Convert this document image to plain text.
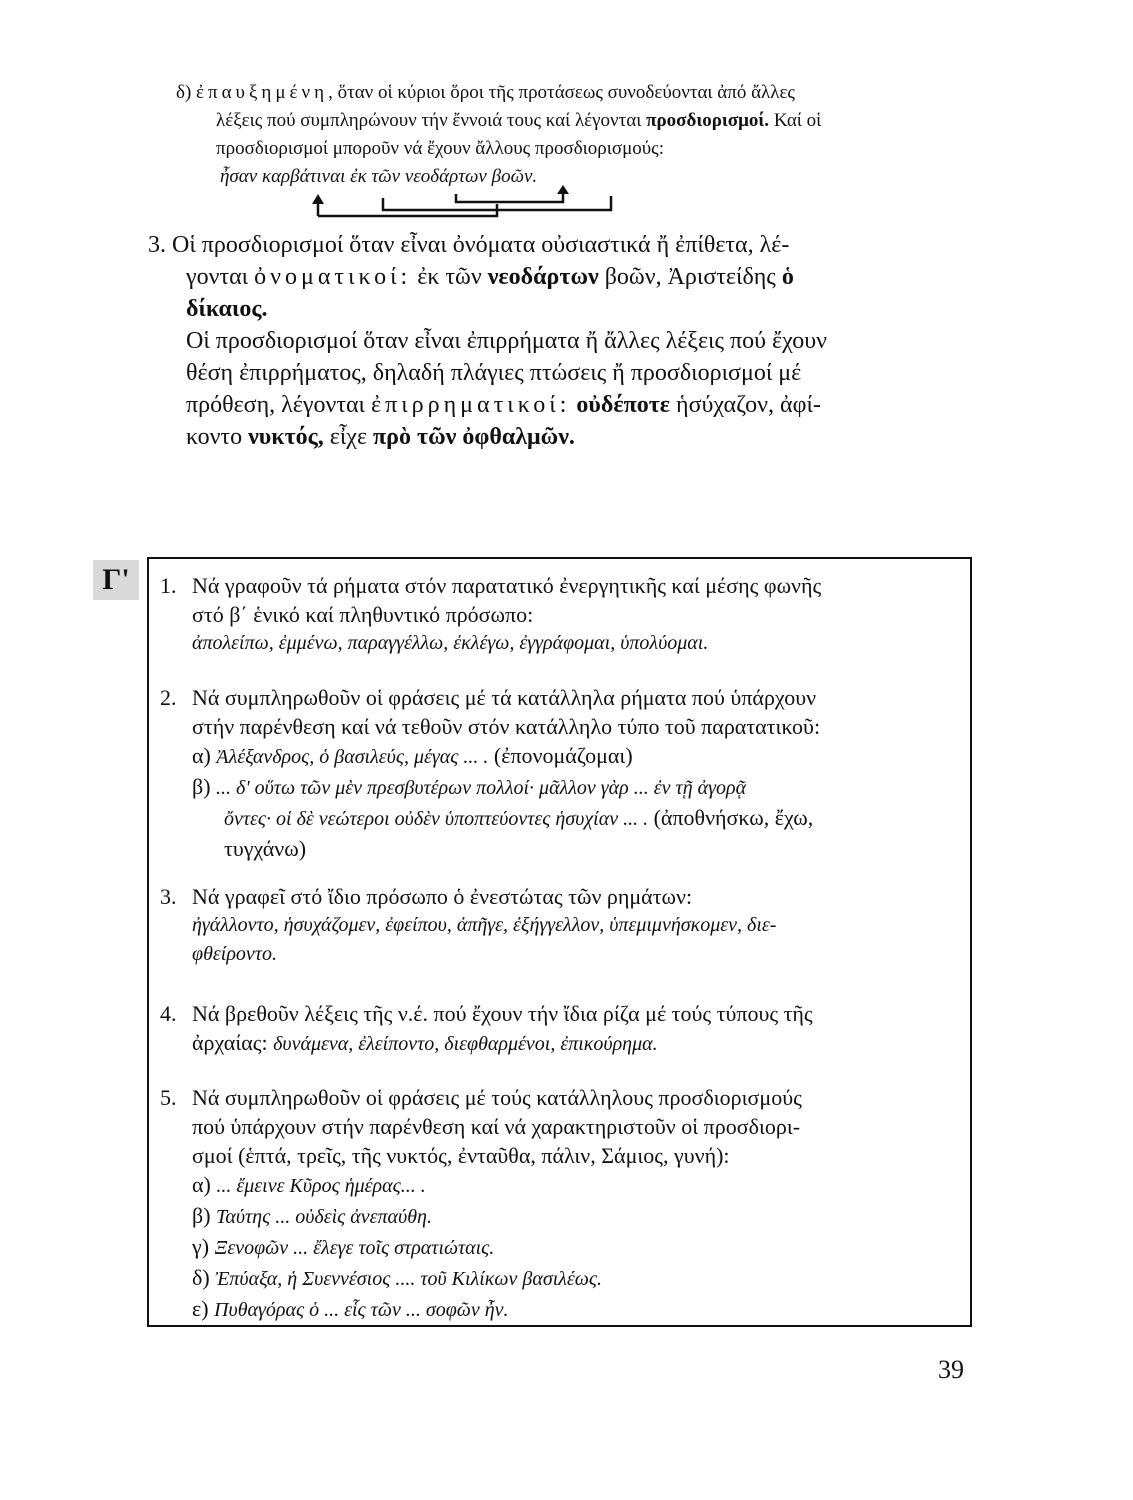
δ) ἐπαυξημένη, ὅταν οἱ κύριοι ὅροι τῆς προτάσεως συνοδεύονται ἀπό ἄλλες

λέξεις πού συμπληρώνουν τήν ἔννοιά τους καί λέγονται προσδιορισμοί. Καί οἱ

προσδιορισμοί μποροῦν νά ἔχουν ἄλλους προσδιορισμούς:

ἦσαν καρβάτιναι ἐκ τῶν νεοδάρτων βοῶν.

3. Οἱ προσδιορισμοί ὅταν εἶναι ὀνόματα οὐσιαστικά ἤ ἐπίθετα, λέ-

γονται ὀνοματικοί: ἐκ τῶν νεοδάρτων βοῶν, Ἀριστείδης ὁ

δίκαιος.

Οἱ προσδιορισμοί ὅταν εἶναι ἐπιρρήματα ἤ ἄλλες λέξεις πού ἔχουν

θέση ἐπιρρήματος, δηλαδή πλάγιες πτώσεις ἤ προσδιορισμοί μέ

πρόθεση, λέγονται ἐπιρρηματικοί: οὐδέποτε ἡσύχαζον, ἀφί-

κοντο νυκτός, εἶχε πρὸ τῶν ὀφθαλμῶν.

Γ'	1. Νά γραφοῦν τά ρήματα στόν παρατατικό ἐνεργητικῆς καί μέσης φωνῆς

στό β΄ ἑνικό καί πληθυντικό πρόσωπο:

ἀπολείπω, ἐμμένω, παραγγέλλω, ἐκλέγω, ἐγγράφομαι, ὑπολύομαι.

2. Νά συμπληρωθοῦν οἱ φράσεις μέ τά κατάλληλα ρήματα πού ὑπάρχουν

στήν παρένθεση καί νά τεθοῦν στόν κατάλληλο τύπο τοῦ παρατατικοῦ:

α) Ἀλέξανδρος, ὁ βασιλεύς, μέγας ... . (ἐπονομάζομαι)

β) ... δ' οὕτω τῶν μὲν πρεσβυτέρων πολλοί· μᾶλλον γὰρ ... ἐν τῇ ἀγορᾷ

ὄντες· οἱ δὲ νεώτεροι οὐδὲν ὑποπτεύοντες ἡσυχίαν ... . (ἀποθνήσκω, ἔχω,

τυγχάνω)

3. Νά γραφεῖ στό ἴδιο πρόσωπο ὁ ἐνεστώτας τῶν ρημάτων:

ἠγάλλοντο, ἡσυχάζομεν, ἐφείπου, ἀπῆγε, ἐξήγγελλον, ὑπεμιμνήσκομεν, διε-

φθείροντο.

4. Νά βρεθοῦν λέξεις τῆς ν.έ. πού ἔχουν τήν ἴδια ρίζα μέ τούς τύπους τῆς

ἀρχαίας: δυνάμενα, ἐλείποντο, διεφθαρμένοι, ἐπικούρημα.

5. Νά συμπληρωθοῦν οἱ φράσεις μέ τούς κατάλληλους προσδιορισμούς

πού ὑπάρχουν στήν παρένθεση καί νά χαρακτηριστοῦν οἱ προσδιορι-

σμοί (ἑπτά, τρεῖς, τῆς νυκτός, ἐνταῦθα, πάλιν, Σάμιος, γυνή):

α) ... ἔμεινε Κῦρος ἡμέρας... .

β) Ταύτης ... οὐδεὶς ἀνεπαύθη.

γ) Ξενοφῶν ... ἔλεγε τοῖς στρατιώταις.

δ) Ἐπύαξα, ἡ Συεννέσιος .... τοῦ Κιλίκων βασιλέως.

ε) Πυθαγόρας ὁ ... εἷς τῶν ... σοφῶν ἦν.

39
